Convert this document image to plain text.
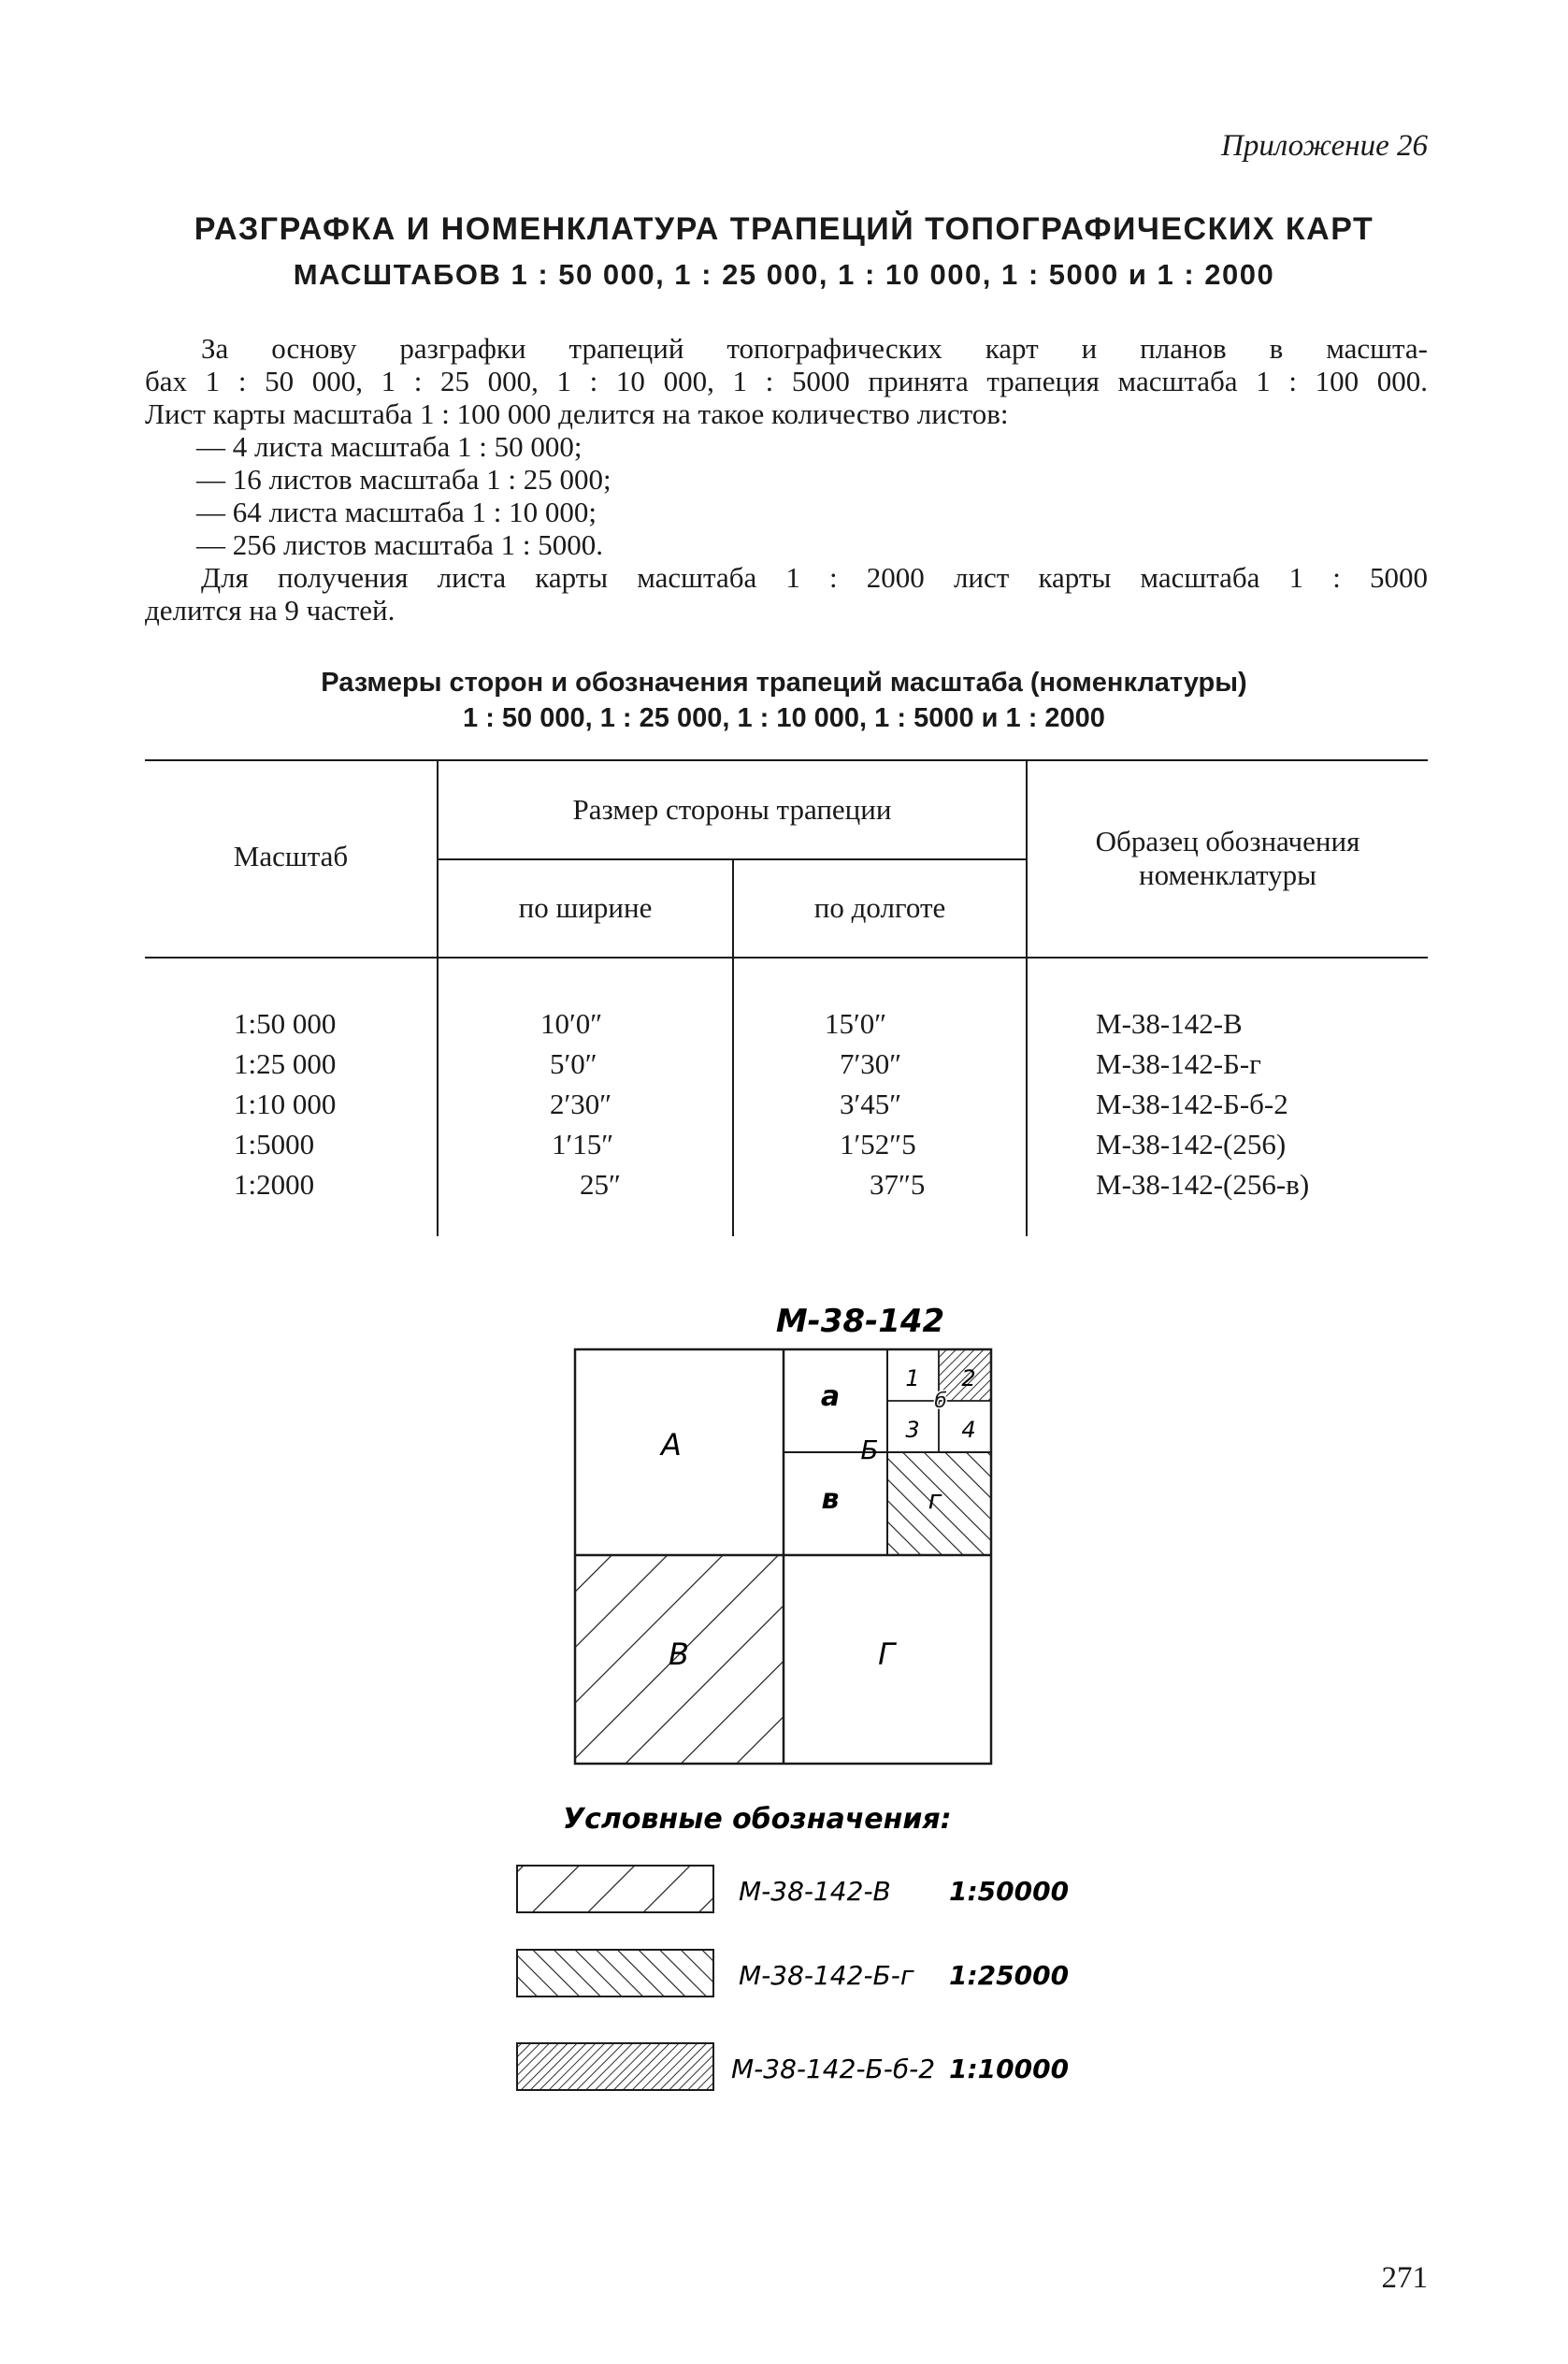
Приложение 26
РАЗГРАФКА И НОМЕНКЛАТУРА ТРАПЕЦИЙ ТОПОГРАФИЧЕСКИХ КАРТ
МАСШТАБОВ 1 : 50 000, 1 : 25 000, 1 : 10 000, 1 : 5000 и 1 : 2000
За основу разграфки трапеций топографических карт и планов в масшта-
бах 1 : 50 000, 1 : 25 000, 1 : 10 000, 1 : 5000 принята трапеция масштаба 1 : 100 000.
Лист карты масштаба 1 : 100 000 делится на такое количество листов:
— 4 листа масштаба 1 : 50 000;
— 16 листов масштаба 1 : 25 000;
— 64 листа масштаба 1 : 10 000;
— 256 листов масштаба 1 : 5000.
Для получения листа карты масштаба 1 : 2000 лист карты масштаба 1 : 5000
делится на 9 частей.
Размеры сторон и обозначения трапеций масштаба (номенклатуры)
1 : 50 000, 1 : 25 000, 1 : 10 000, 1 : 5000 и 1 : 2000
Масштаб
Размер стороны трапеции
по ширине	по долготе
Образец обозначения
номенклатуры
1:50 000	10′0″	15′0″	М-38-142-В
1:25 000	5′0″	7′30″	М-38-142-Б-г
1:10 000	2′30″	3′45″	М-38-142-Б-б-2
1:5000	1′15″	1′52″5	М-38-142-(256)
1:2000	25″	37″5	М-38-142-(256-в)
М-38-142
А
В	Г
Б
а
в	г
1 2
3 4
б
Условные обозначения:
М-38-142-В 1:50000
М-38-142-Б-г 1:25000
М-38-142-Б-б-2 1:10000
271
